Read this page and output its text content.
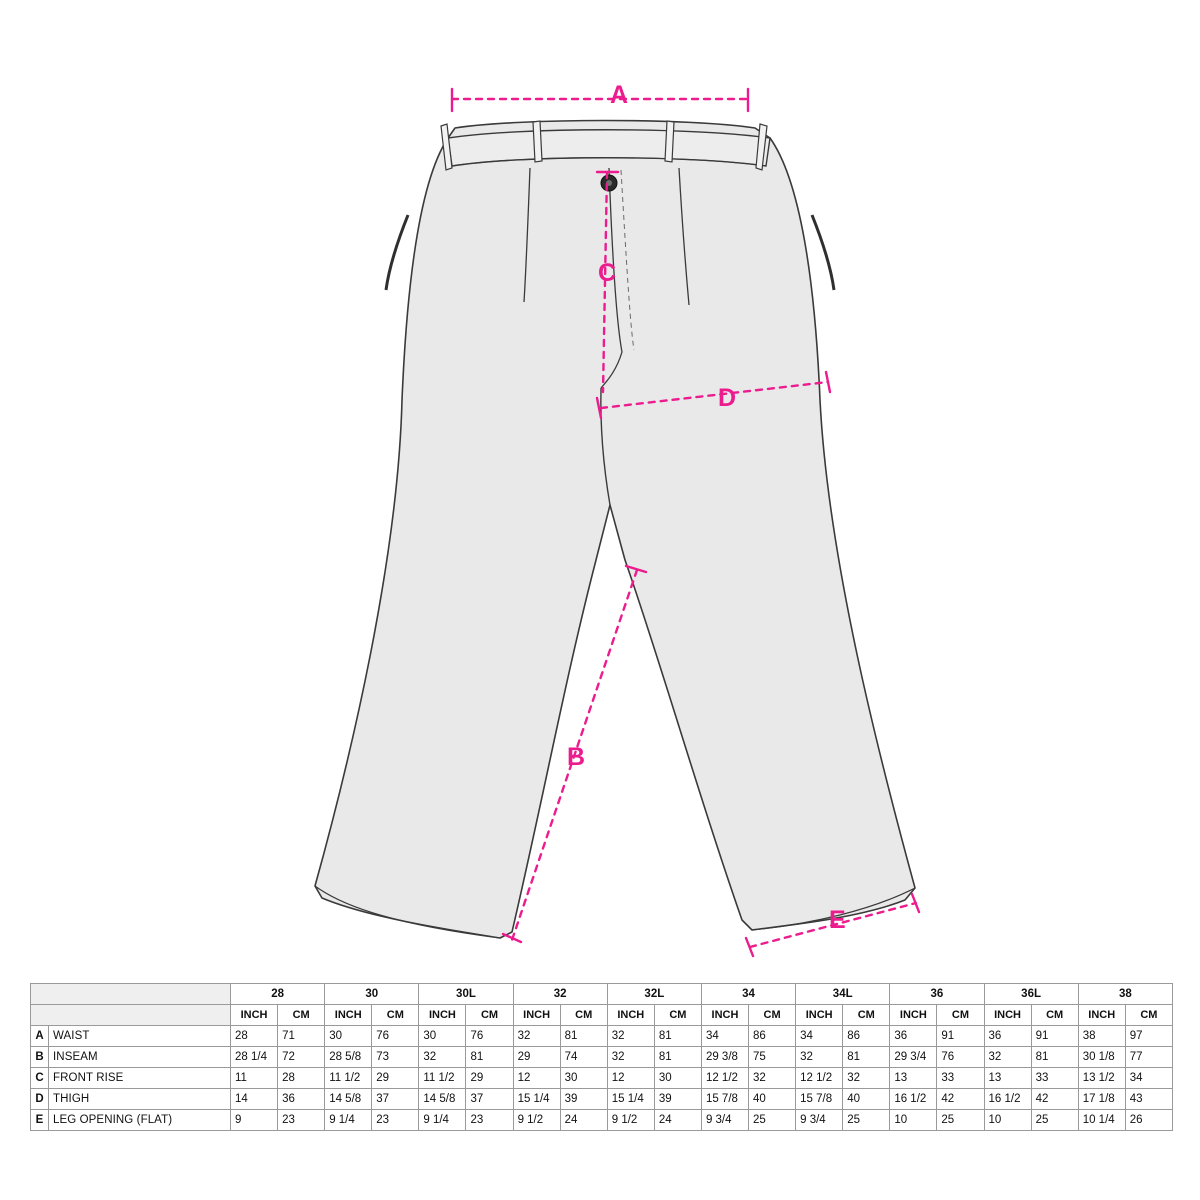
A
B
C
D
E
		28		30		30L		32		32L		34		34L		36		36L		38	
		INCH	CM	INCH	CM	INCH	CM	INCH	CM	INCH	CM	INCH	CM	INCH	CM	INCH	CM	INCH	CM	INCH	CM
A	WAIST	28	71	30	76	30	76	32	81	32	81	34	86	34	86	36	91	36	91	38	97
B	INSEAM	28 1/4	72	28 5/8	73	32	81	29	74	32	81	29 3/8	75	32	81	29 3/4	76	32	81	30 1/8	77
C	FRONT RISE	11	28	11 1/2	29	11 1/2	29	12	30	12	30	12 1/2	32	12 1/2	32	13	33	13	33	13 1/2	34
D	THIGH	14	36	14 5/8	37	14 5/8	37	15 1/4	39	15 1/4	39	15 7/8	40	15 7/8	40	16 1/2	42	16 1/2	42	17 1/8	43
E	LEG OPENING (FLAT)	9	23	9 1/4	23	9 1/4	23	9 1/2	24	9 1/2	24	9 3/4	25	9 3/4	25	10	25	10	25	10 1/4	26
